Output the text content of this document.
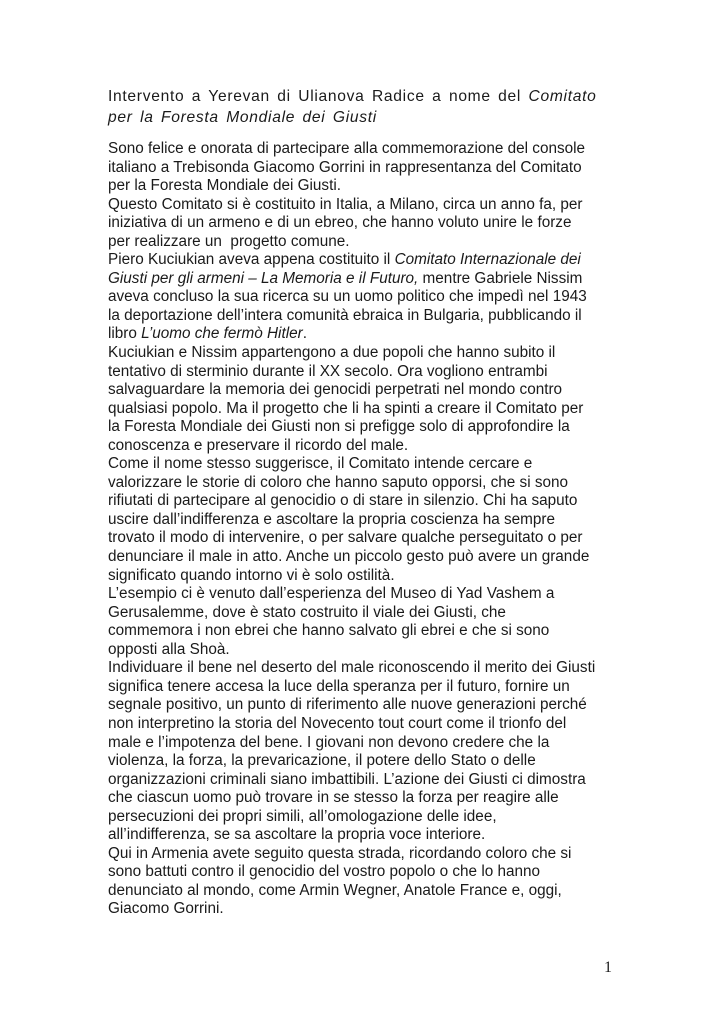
Intervento a Yerevan di Ulianova Radice a nome del Comitato
per la Foresta Mondiale dei Giusti

Sono felice e onorata di partecipare alla commemorazione del console
italiano a Trebisonda Giacomo Gorrini in rappresentanza del Comitato
per la Foresta Mondiale dei Giusti.

Questo Comitato si è costituito in Italia, a Milano, circa un anno fa, per
iniziativa di un armeno e di un ebreo, che hanno voluto unire le forze
per realizzare un  progetto comune.

Piero Kuciukian aveva appena costituito il Comitato Internazionale dei
Giusti per gli armeni – La Memoria e il Futuro, mentre Gabriele Nissim
aveva concluso la sua ricerca su un uomo politico che impedì nel 1943
la deportazione dell’intera comunità ebraica in Bulgaria, pubblicando il
libro L’uomo che fermò Hitler.

Kuciukian e Nissim appartengono a due popoli che hanno subito il
tentativo di sterminio durante il XX secolo. Ora vogliono entrambi
salvaguardare la memoria dei genocidi perpetrati nel mondo contro
qualsiasi popolo. Ma il progetto che li ha spinti a creare il Comitato per
la Foresta Mondiale dei Giusti non si prefigge solo di approfondire la
conoscenza e preservare il ricordo del male.

Come il nome stesso suggerisce, il Comitato intende cercare e
valorizzare le storie di coloro che hanno saputo opporsi, che si sono
rifiutati di partecipare al genocidio o di stare in silenzio. Chi ha saputo
uscire dall’indifferenza e ascoltare la propria coscienza ha sempre
trovato il modo di intervenire, o per salvare qualche perseguitato o per
denunciare il male in atto. Anche un piccolo gesto può avere un grande
significato quando intorno vi è solo ostilità.

L’esempio ci è venuto dall’esperienza del Museo di Yad Vashem a
Gerusalemme, dove è stato costruito il viale dei Giusti, che
commemora i non ebrei che hanno salvato gli ebrei e che si sono
opposti alla Shoà.

Individuare il bene nel deserto del male riconoscendo il merito dei Giusti
significa tenere accesa la luce della speranza per il futuro, fornire un
segnale positivo, un punto di riferimento alle nuove generazioni perché
non interpretino la storia del Novecento tout court come il trionfo del
male e l’impotenza del bene. I giovani non devono credere che la
violenza, la forza, la prevaricazione, il potere dello Stato o delle
organizzazioni criminali siano imbattibili. L’azione dei Giusti ci dimostra
che ciascun uomo può trovare in se stesso la forza per reagire alle
persecuzioni dei propri simili, all’omologazione delle idee,
all’indifferenza, se sa ascoltare la propria voce interiore.

Qui in Armenia avete seguito questa strada, ricordando coloro che si
sono battuti contro il genocidio del vostro popolo o che lo hanno
denunciato al mondo, come Armin Wegner, Anatole France e, oggi,
Giacomo Gorrini.

1
